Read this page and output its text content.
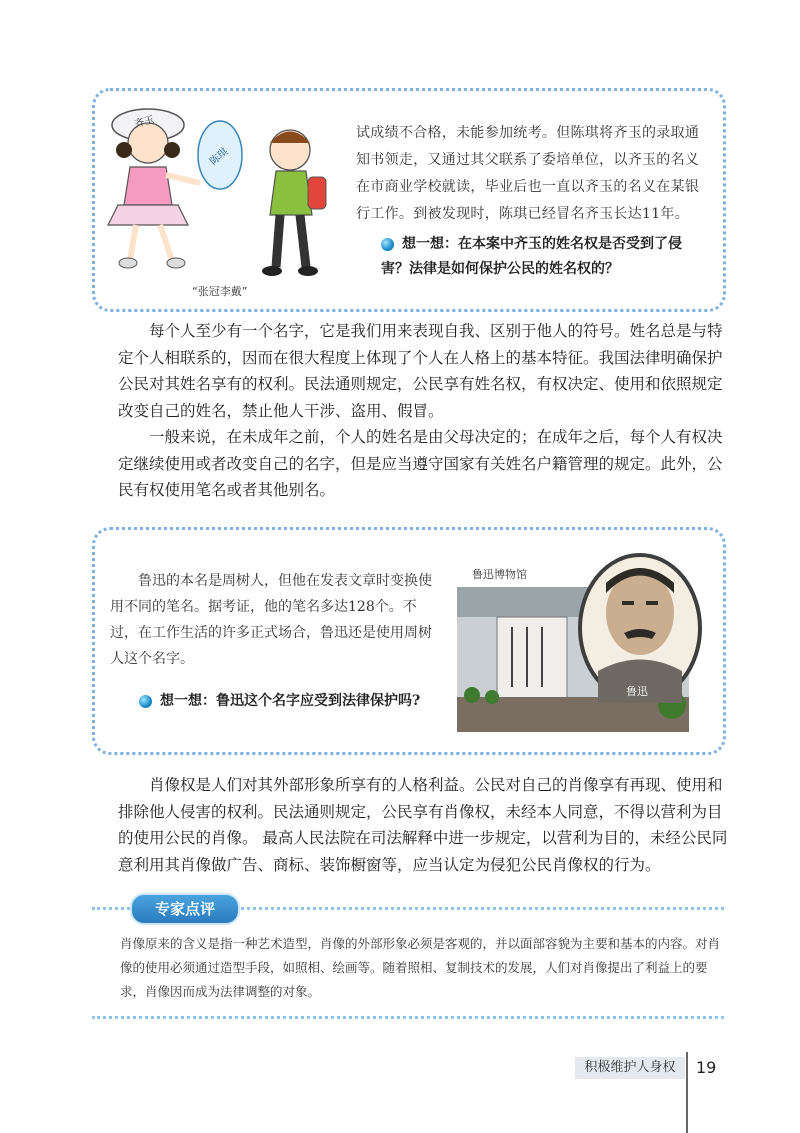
齐玉
陈琪
“张冠李戴”
试成绩不合格，未能参加统考。但陈琪将齐玉的录取通知书领走，又通过其父联系了委培单位，以齐玉的名义在市商业学校就读，毕业后也一直以齐玉的名义在某银行工作。到被发现时，陈琪已经冒名齐玉长达11年。
想一想：在本案中齐玉的姓名权是否受到了侵害？法律是如何保护公民的姓名权的？

每个人至少有一个名字，它是我们用来表现自我、区别于他人的符号。姓名总是与特定个人相联系的，因而在很大程度上体现了个人在人格上的基本特征。我国法律明确保护公民对其姓名享有的权利。民法通则规定，公民享有姓名权，有权决定、使用和依照规定改变自己的姓名，禁止他人干涉、盗用、假冒。

一般来说，在未成年之前，个人的姓名是由父母决定的；在成年之后，每个人有权决定继续使用或者改变自己的名字，但是应当遵守国家有关姓名户籍管理的规定。此外，公民有权使用笔名或者其他别名。

鲁迅的本名是周树人，但他在发表文章时变换使用不同的笔名。据考证，他的笔名多达128个。不过，在工作生活的许多正式场合，鲁迅还是使用周树人这个名字。
想一想：鲁迅这个名字应受到法律保护吗?
鲁迅博物馆
鲁迅

肖像权是人们对其外部形象所享有的人格利益。公民对自己的肖像享有再现、使用和排除他人侵害的权利。民法通则规定，公民享有肖像权，未经本人同意，不得以营利为目的使用公民的肖像。 最高人民法院在司法解释中进一步规定，以营利为目的，未经公民同意利用其肖像做广告、商标、装饰橱窗等，应当认定为侵犯公民肖像权的行为。

专家点评
肖像原来的含义是指一种艺术造型，肖像的外部形象必须是客观的，并以面部容貌为主要和基本的内容。对肖像的使用必须通过造型手段，如照相、绘画等。随着照相、复制技术的发展，人们对肖像提出了利益上的要求，肖像因而成为法律调整的对象。
积极维护人身权	19
